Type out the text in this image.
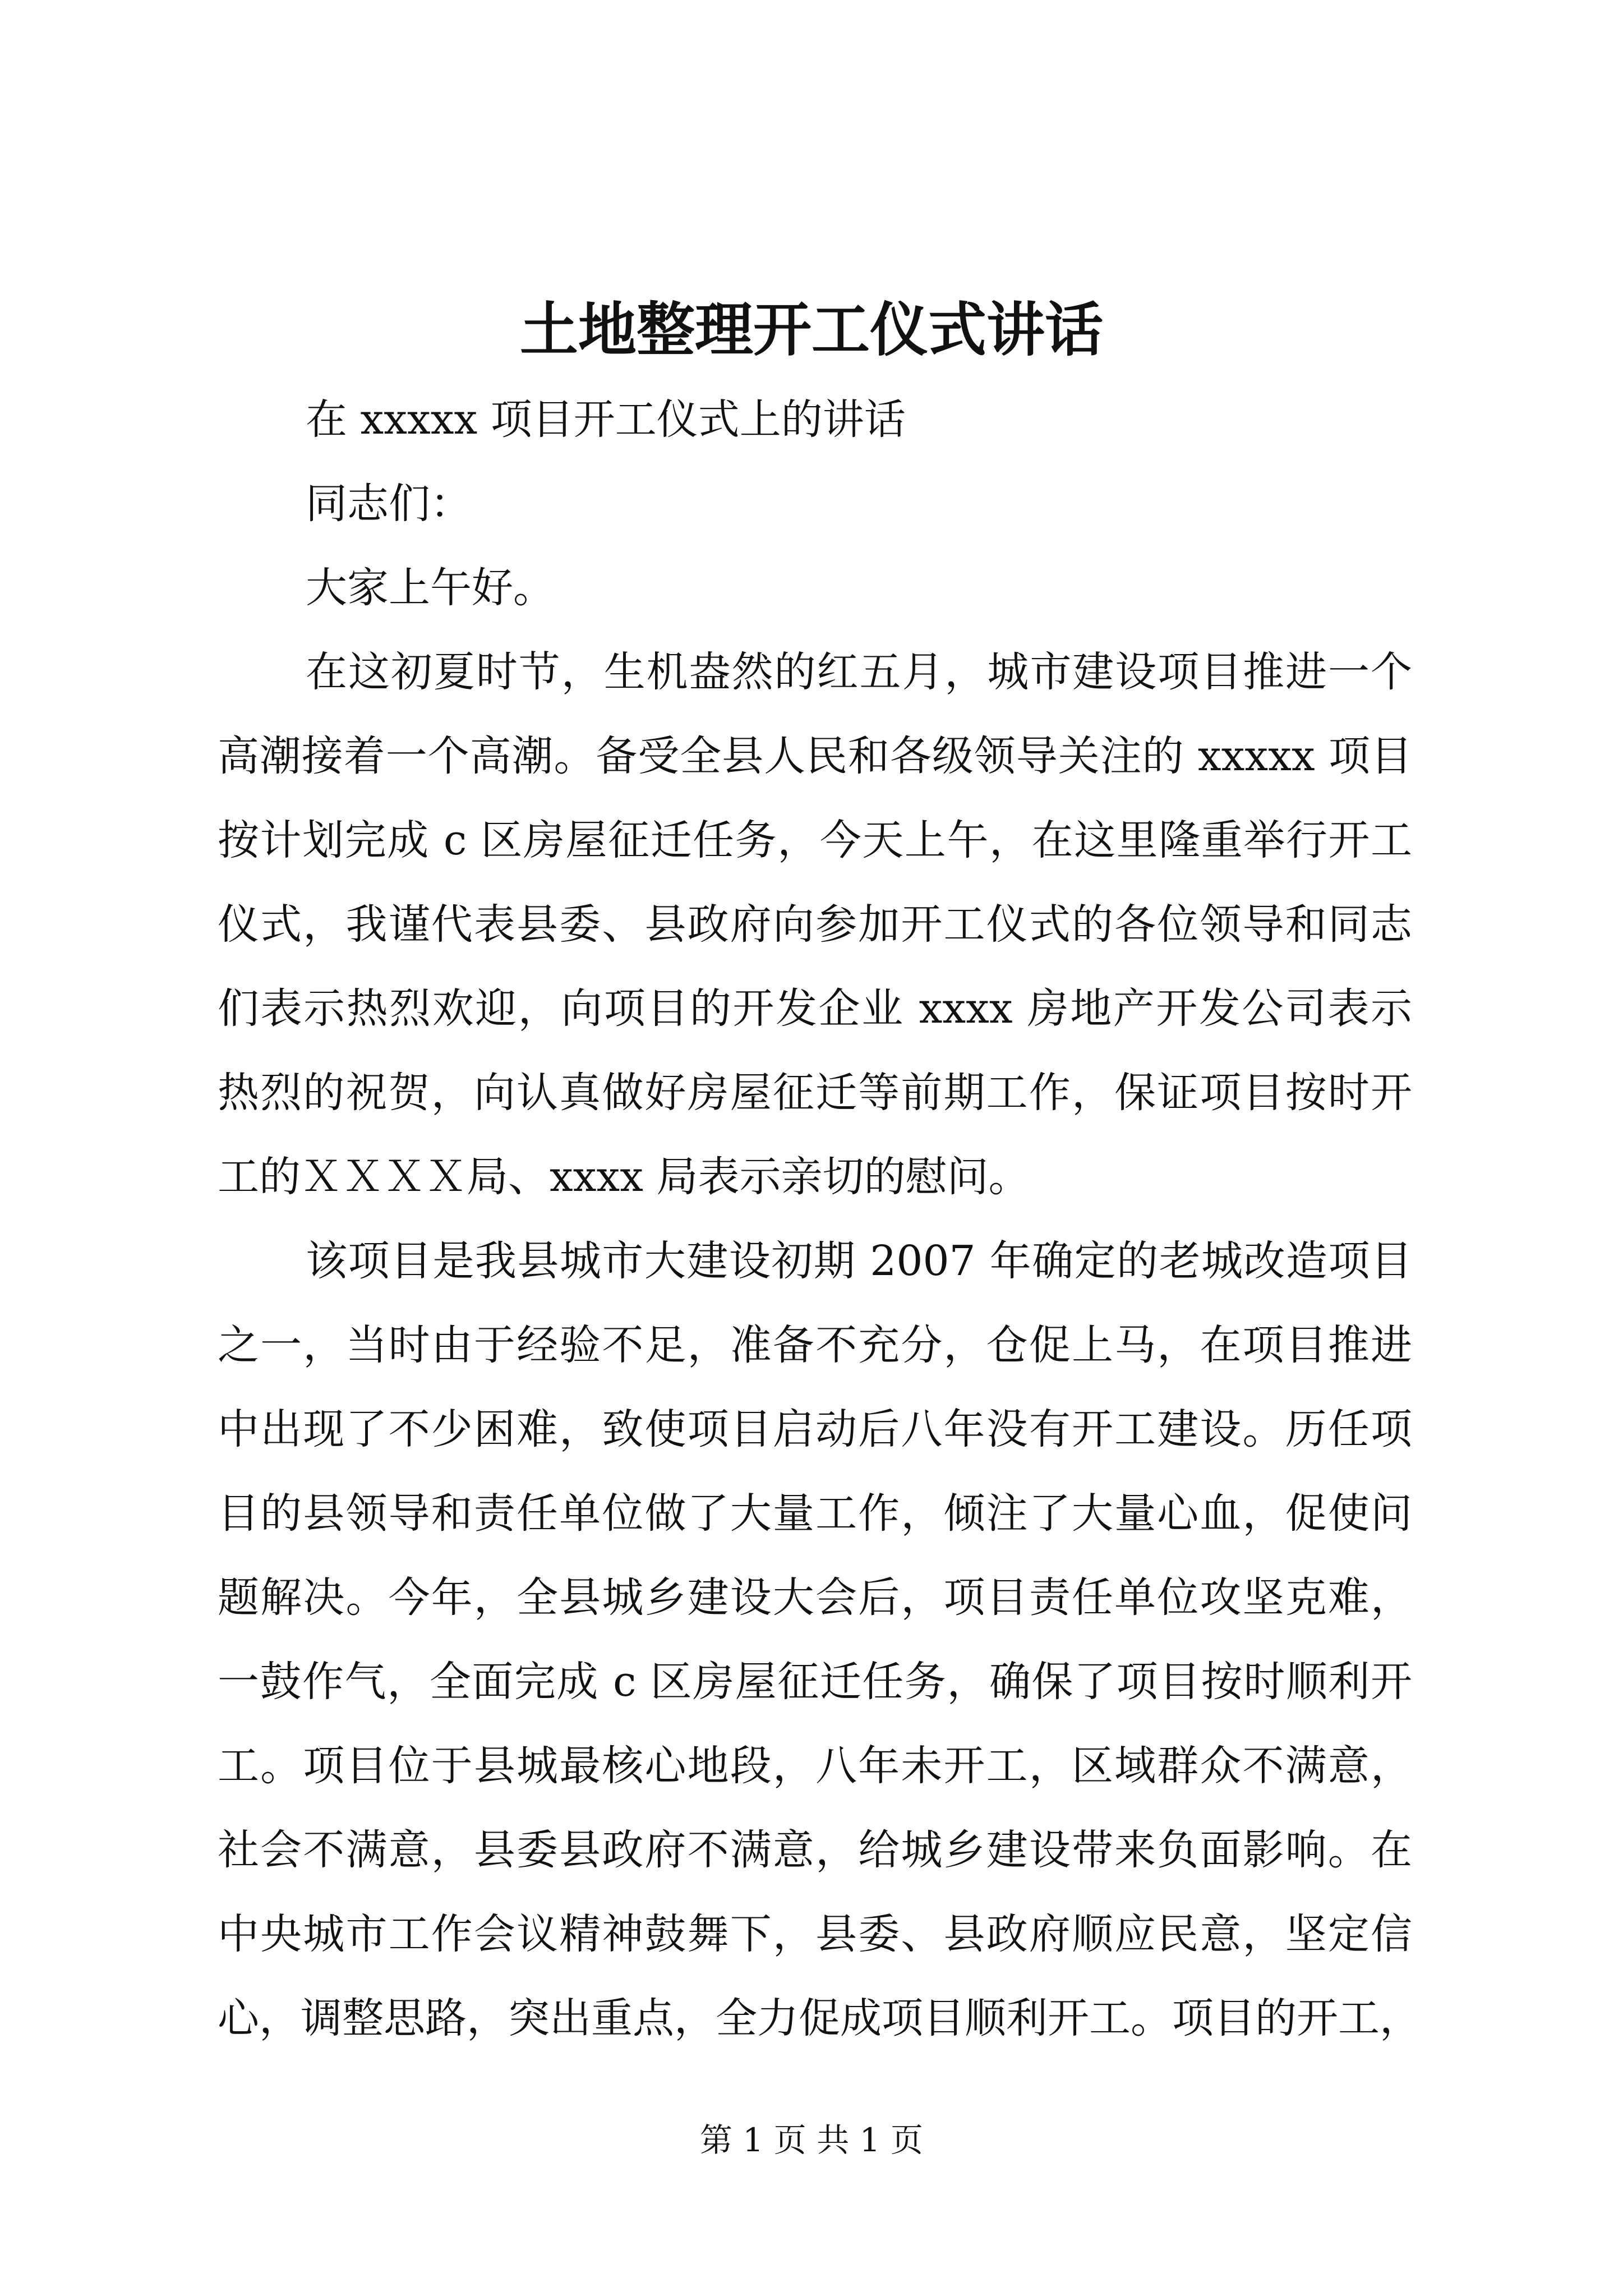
土地整理开工仪式讲话
在 xxxxx 项目开工仪式上的讲话
同志们：
大家上午好。
在这初夏时节，生机盎然的红五月，城市建设项目推进一个
高潮接着一个高潮。备受全县人民和各级领导关注的 xxxxx 项目
按计划完成 c 区房屋征迁任务，今天上午，在这里隆重举行开工
仪式，我谨代表县委、县政府向参加开工仪式的各位领导和同志
们表示热烈欢迎，向项目的开发企业 xxxx 房地产开发公司表示
热烈的祝贺，向认真做好房屋征迁等前期工作，保证项目按时开
工的ＸＸＸＸ局、xxxx 局表示亲切的慰问。
该项目是我县城市大建设初期 2007 年确定的老城改造项目
之一，当时由于经验不足，准备不充分，仓促上马，在项目推进
中出现了不少困难，致使项目启动后八年没有开工建设。历任项
目的县领导和责任单位做了大量工作，倾注了大量心血，促使问
题解决。今年，全县城乡建设大会后，项目责任单位攻坚克难，
一鼓作气，全面完成 c 区房屋征迁任务，确保了项目按时顺利开
工。项目位于县城最核心地段，八年未开工，区域群众不满意，
社会不满意，县委县政府不满意，给城乡建设带来负面影响。在
中央城市工作会议精神鼓舞下，县委、县政府顺应民意，坚定信
心，调整思路，突出重点，全力促成项目顺利开工。项目的开工，
第 1 页 共 1 页
